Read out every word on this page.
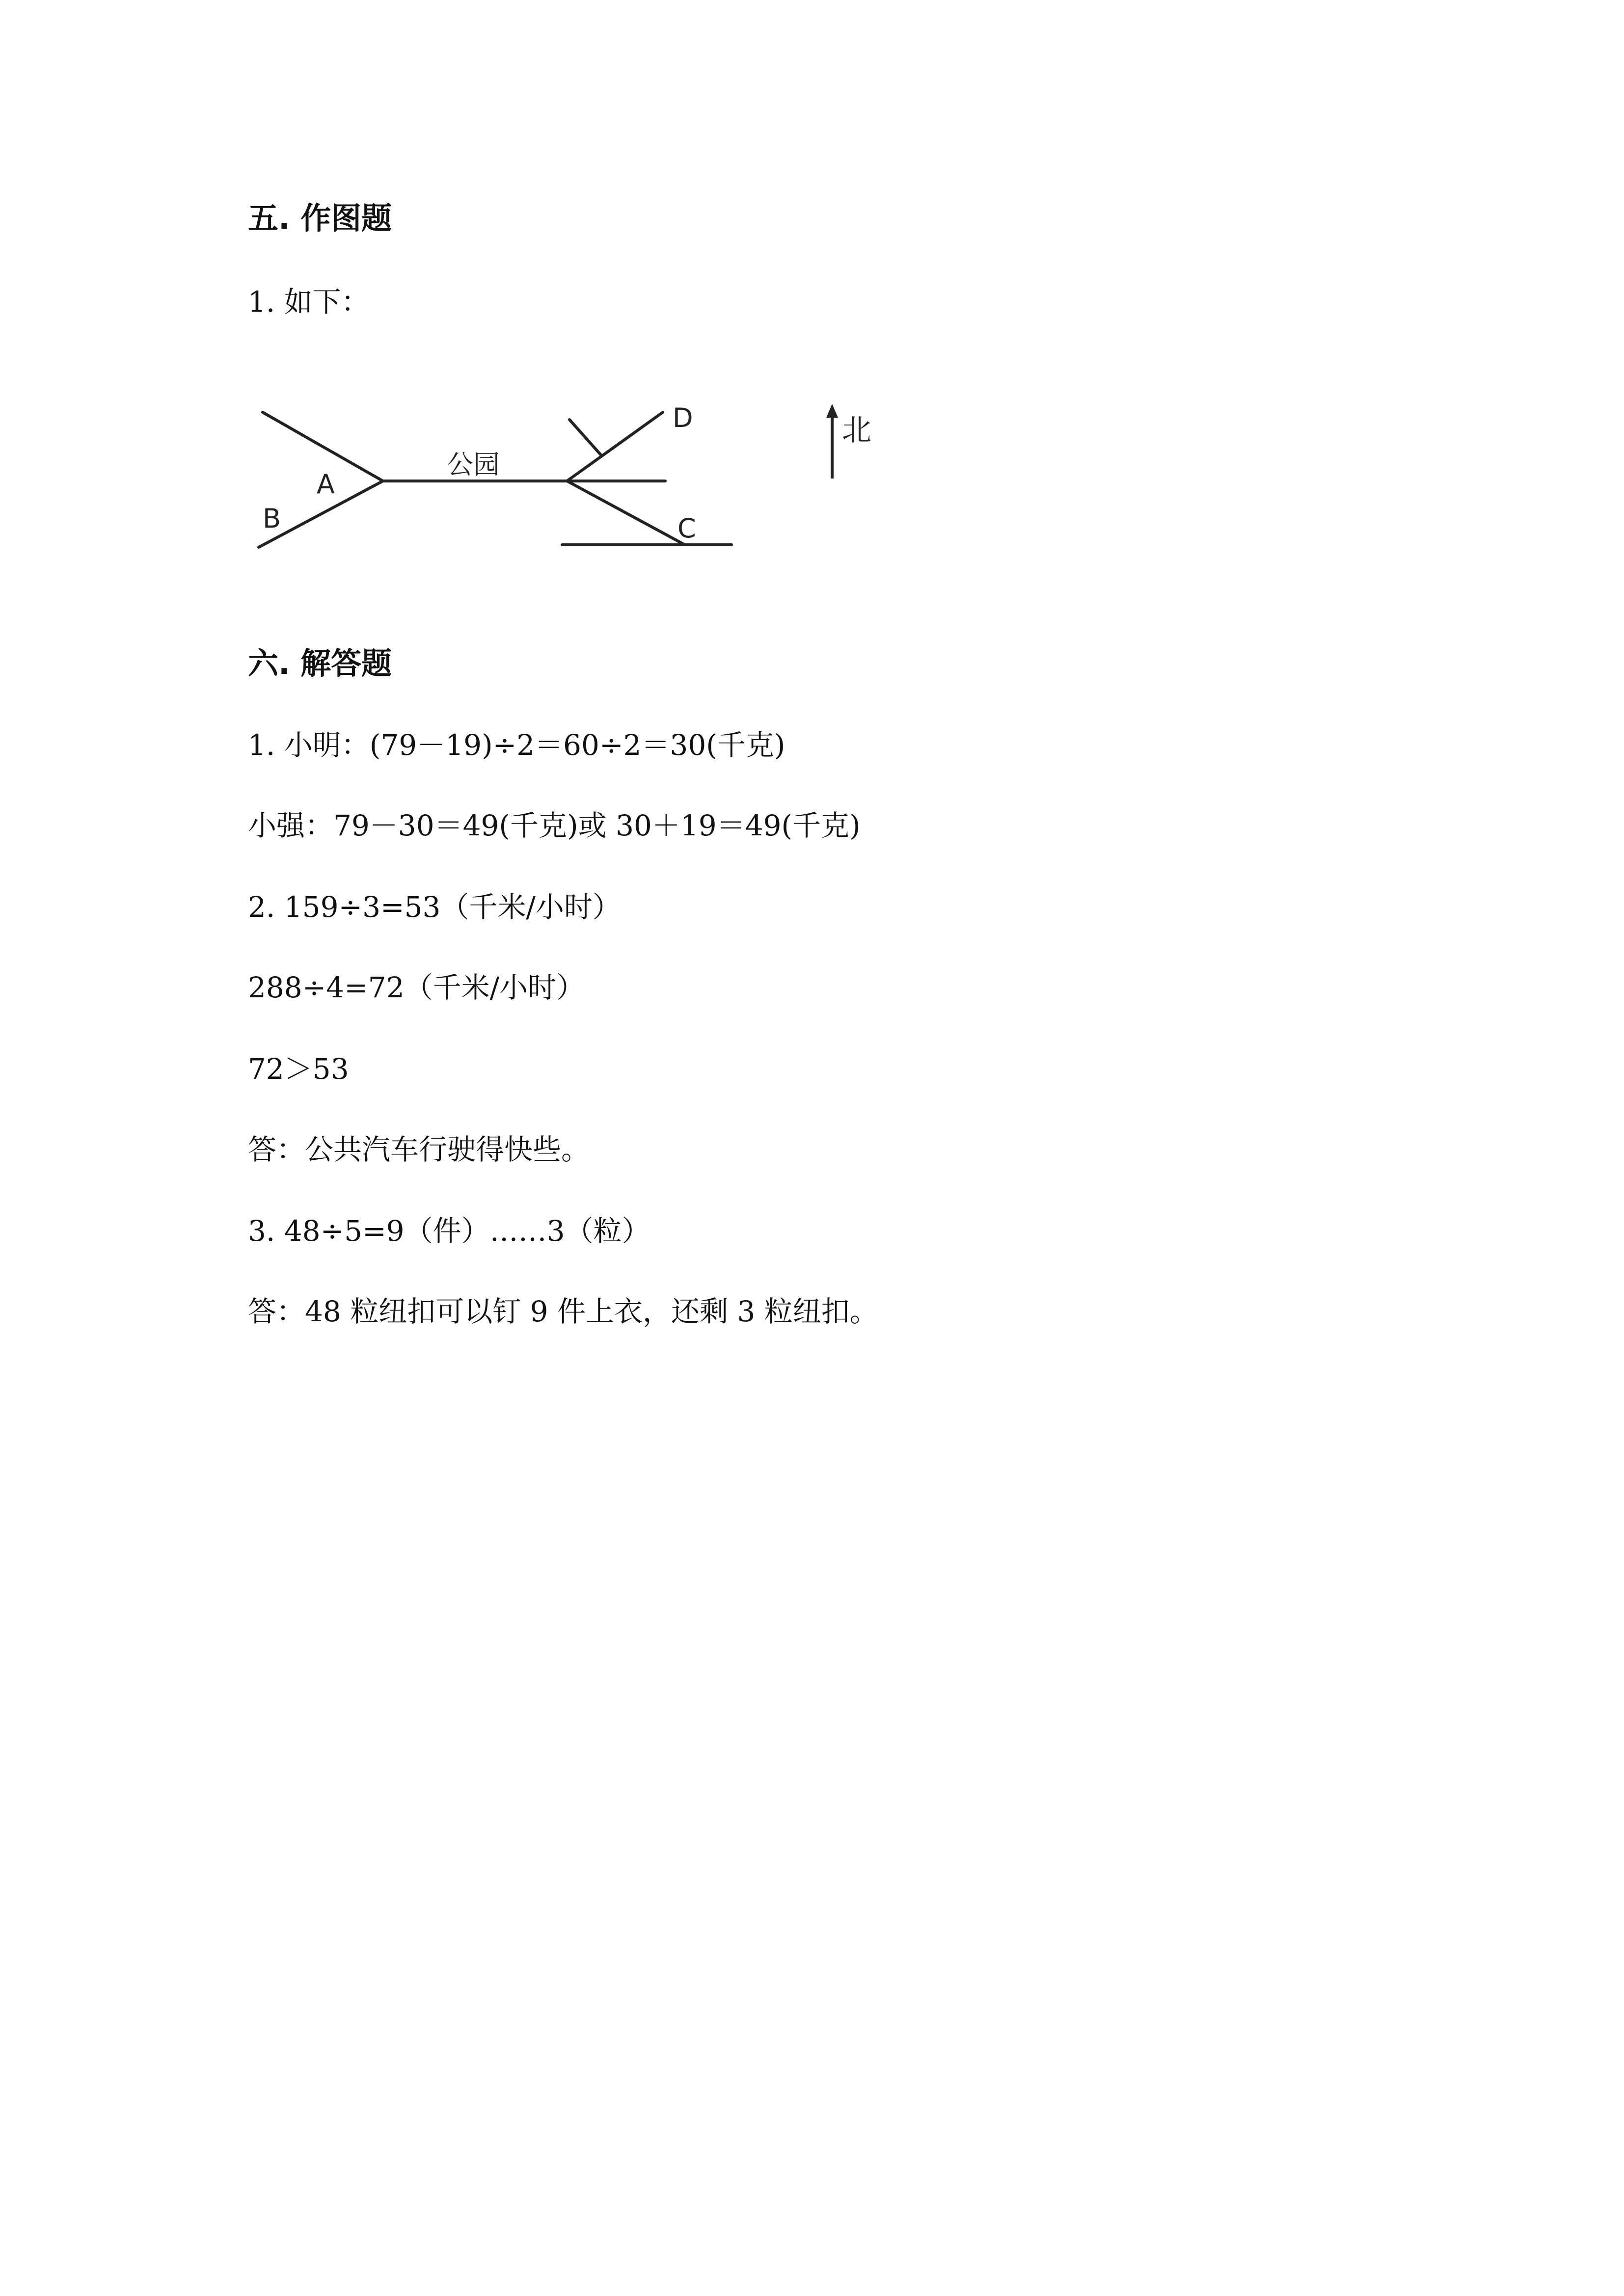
五. 作图题
1. 如下：
公园
A
B	C
D	北
六. 解答题
1. 小明：(79－19)÷2＝60÷2＝30(千克)
小强：79－30＝49(千克)或 30＋19＝49(千克)
2. 159÷3=53（千米/小时）
288÷4=72（千米/小时）
72＞53
答：公共汽车行驶得快些。
3. 48÷5=9（件）……3（粒）
答：48 粒纽扣可以钉 9 件上衣，还剩 3 粒纽扣。
